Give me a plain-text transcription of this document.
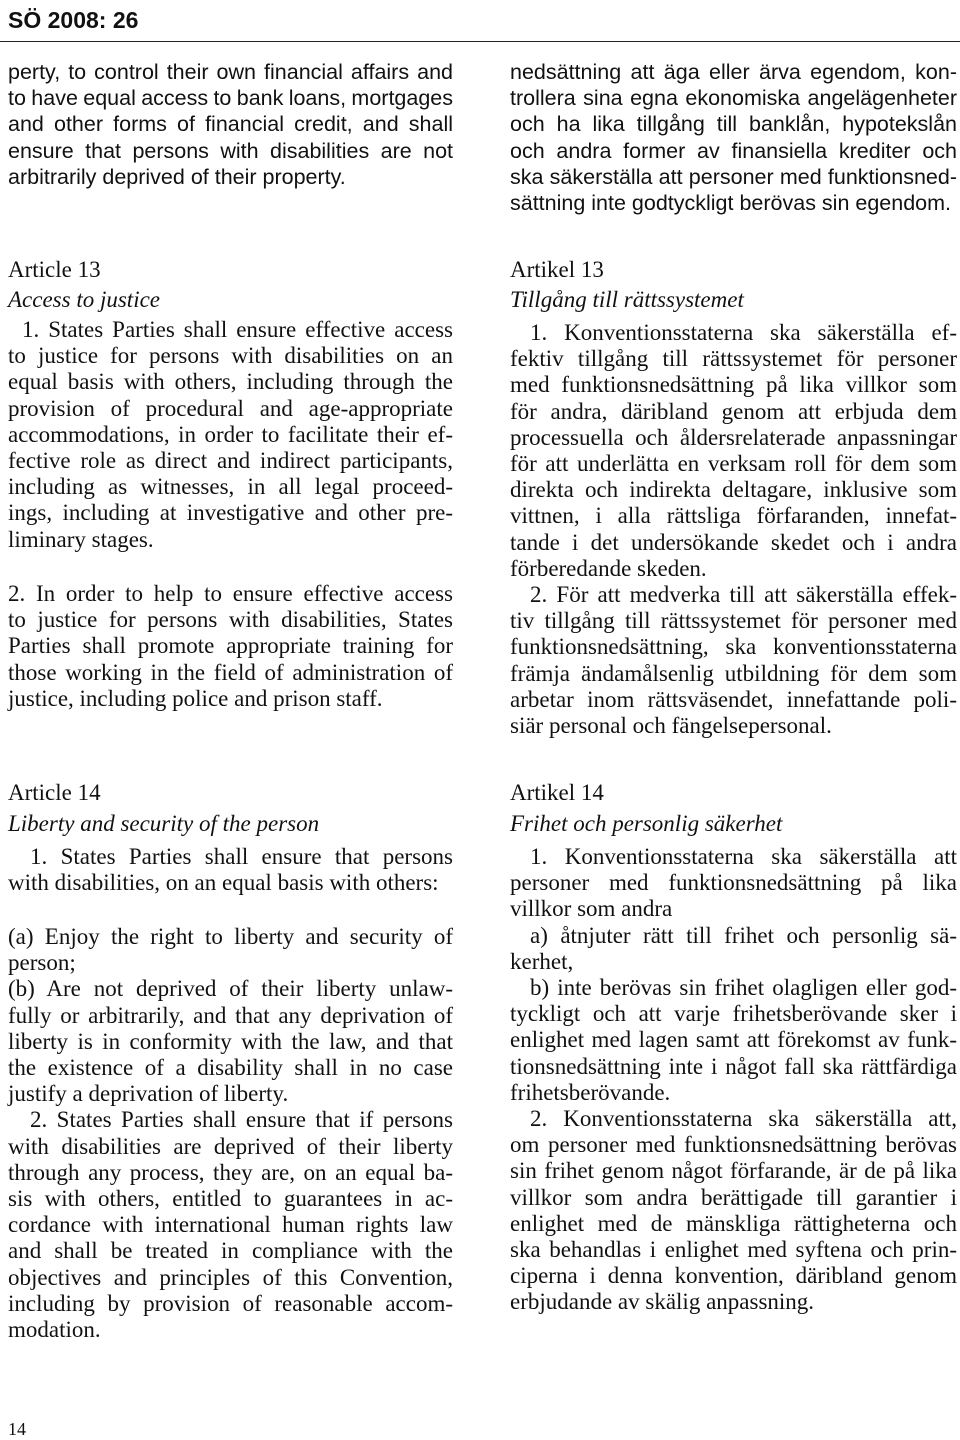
SÖ 2008: 26
perty, to control their own financial affairs and
to have equal access to bank loans, mortgages
and other forms of financial credit, and shall
ensure that persons with disabilities are not
arbitrarily deprived of their property.
nedsättning att äga eller ärva egendom, kon-
trollera sina egna ekonomiska angelägenheter
och ha lika tillgång till banklån, hypotekslån
och andra former av finansiella krediter och
ska säkerställa att personer med funktionsned-
sättning inte godtyckligt berövas sin egendom.
Article 13
Access to justice
1. States Parties shall ensure effective access
to justice for persons with disabilities on an
equal basis with others, including through the
provision of procedural and age-appropriate
accommodations, in order to facilitate their ef-
fective role as direct and indirect participants,
including as witnesses, in all legal proceed-
ings, including at investigative and other pre-
liminary stages.
2. In order to help to ensure effective access
to justice for persons with disabilities, States
Parties shall promote appropriate training for
those working in the field of administration of
justice, including police and prison staff.
Artikel 13
Tillgång till rättssystemet
1. Konventionsstaterna ska säkerställa ef-
fektiv tillgång till rättssystemet för personer
med funktionsnedsättning på lika villkor som
för andra, däribland genom att erbjuda dem
processuella och åldersrelaterade anpassningar
för att underlätta en verksam roll för dem som
direkta och indirekta deltagare, inklusive som
vittnen, i alla rättsliga förfaranden, innefat-
tande i det undersökande skedet och i andra
förberedande skeden.
2. För att medverka till att säkerställa effek-
tiv tillgång till rättssystemet för personer med
funktionsnedsättning, ska konventionsstaterna
främja ändamålsenlig utbildning för dem som
arbetar inom rättsväsendet, innefattande poli-
siär personal och fängelsepersonal.
Article 14
Liberty and security of the person
1. States Parties shall ensure that persons
with disabilities, on an equal basis with others:
(a) Enjoy the right to liberty and security of
person;
(b) Are not deprived of their liberty unlaw-
fully or arbitrarily, and that any deprivation of
liberty is in conformity with the law, and that
the existence of a disability shall in no case
justify a deprivation of liberty.
2. States Parties shall ensure that if persons
with disabilities are deprived of their liberty
through any process, they are, on an equal ba-
sis with others, entitled to guarantees in ac-
cordance with international human rights law
and shall be treated in compliance with the
objectives and principles of this Convention,
including by provision of reasonable accom-
modation.
Artikel 14
Frihet och personlig säkerhet
1. Konventionsstaterna ska säkerställa att
personer med funktionsnedsättning på lika
villkor som andra
a) åtnjuter rätt till frihet och personlig sä-
kerhet,
b) inte berövas sin frihet olagligen eller god-
tyckligt och att varje frihetsberövande sker i
enlighet med lagen samt att förekomst av funk-
tionsnedsättning inte i något fall ska rättfärdiga
frihetsberövande.
2. Konventionsstaterna ska säkerställa att,
om personer med funktionsnedsättning berövas
sin frihet genom något förfarande, är de på lika
villkor som andra berättigade till garantier i
enlighet med de mänskliga rättigheterna och
ska behandlas i enlighet med syftena och prin-
ciperna i denna konvention, däribland genom
erbjudande av skälig anpassning.
14
